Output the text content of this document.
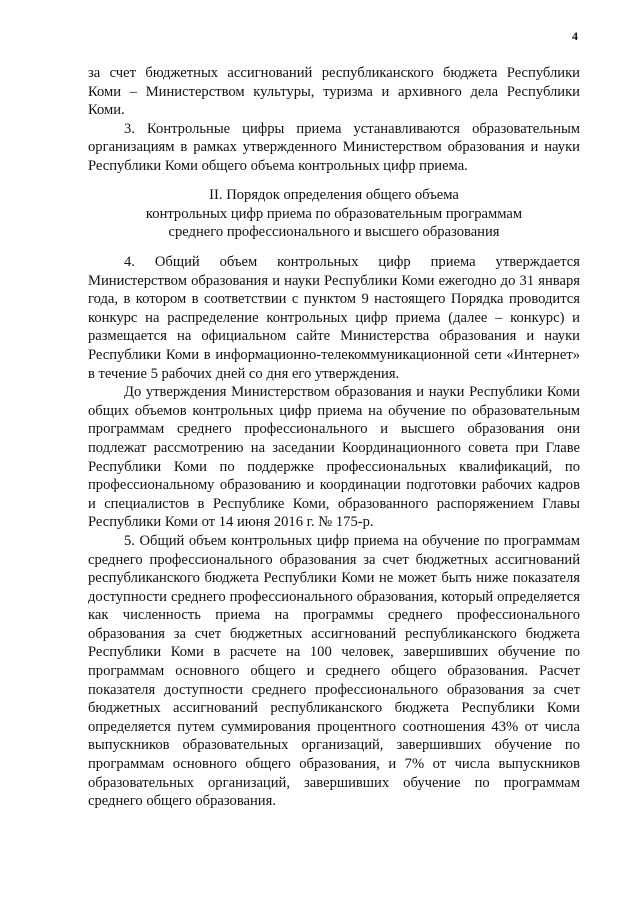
4

за счет бюджетных ассигнований республиканского бюджета Республики Коми – Министерством культуры, туризма и архивного дела Республики Коми.

3. Контрольные цифры приема устанавливаются образовательным организациям в рамках утвержденного Министерством образования и науки Республики Коми общего объема контрольных цифр приема.

II. Порядок определения общего объема
контрольных цифр приема по образовательным программам
среднего профессионального и высшего образования

4. Общий объем контрольных цифр приема утверждается Министерством образования и науки Республики Коми ежегодно до 31 января года, в котором в соответствии с пунктом 9 настоящего Порядка проводится конкурс на распределение контрольных цифр приема (далее – конкурс) и размещается на официальном сайте Министерства образования и науки Республики Коми в информационно-телекоммуникационной сети «Интернет» в течение 5 рабочих дней со дня его утверждения.

До утверждения Министерством образования и науки Республики Коми общих объемов контрольных цифр приема на обучение по образовательным программам среднего профессионального и высшего образования они подлежат рассмотрению на заседании Координационного совета при Главе Республики Коми по поддержке профессиональных квалификаций, по профессиональному образованию и координации подготовки рабочих кадров и специалистов в Республике Коми, образованного распоряжением Главы Республики Коми от 14 июня 2016 г. № 175-р.

5. Общий объем контрольных цифр приема на обучение по программам среднего профессионального образования за счет бюджетных ассигнований республиканского бюджета Республики Коми не может быть ниже показателя доступности среднего профессионального образования, который определяется как численность приема на программы среднего профессионального образования за счет бюджетных ассигнований республиканского бюджета Республики Коми в расчете на 100 человек, завершивших обучение по программам основного общего и среднего общего образования. Расчет показателя доступности среднего профессионального образования за счет бюджетных ассигнований республиканского бюджета Республики Коми определяется путем суммирования процентного соотношения 43% от числа выпускников образовательных организаций, завершивших обучение по программам основного общего образования, и 7% от числа выпускников образовательных организаций, завершивших обучение по программам среднего общего образования.
